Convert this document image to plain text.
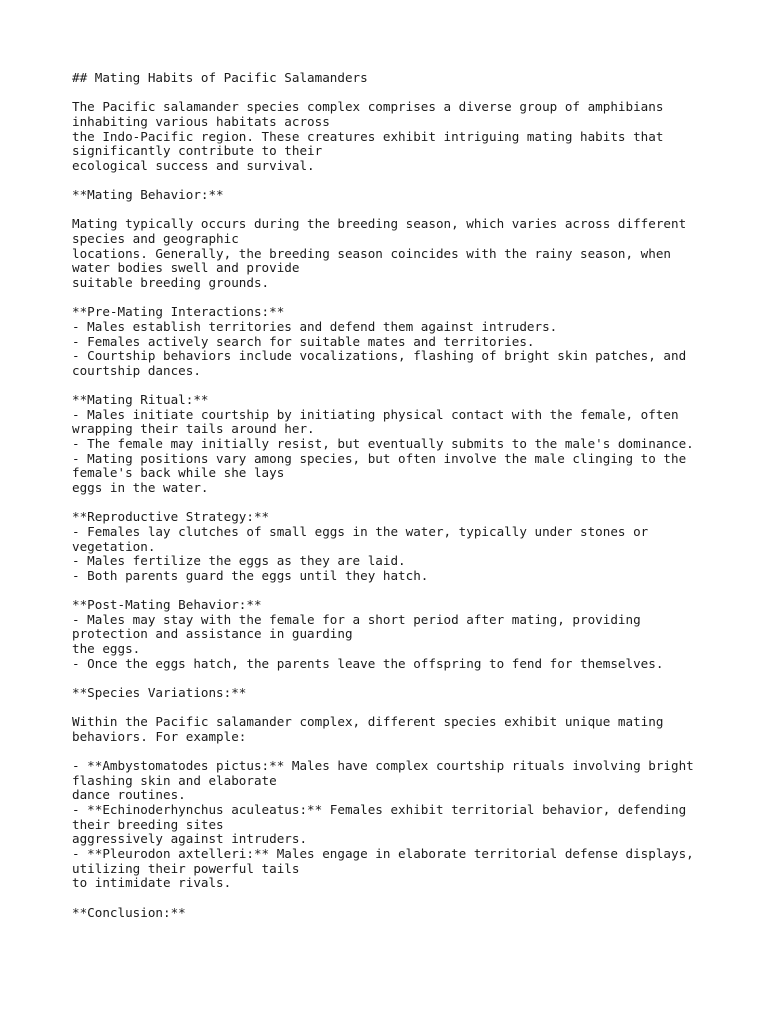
## Mating Habits of Pacific Salamanders
The Pacific salamander species complex comprises a diverse group of amphibians
inhabiting various habitats across
the Indo-Pacific region. These creatures exhibit intriguing mating habits that
significantly contribute to their
ecological success and survival.
**Mating Behavior:**
Mating typically occurs during the breeding season, which varies across different
species and geographic
locations. Generally, the breeding season coincides with the rainy season, when
water bodies swell and provide
suitable breeding grounds.
**Pre-Mating Interactions:**
- Males establish territories and defend them against intruders.
- Females actively search for suitable mates and territories.
- Courtship behaviors include vocalizations, flashing of bright skin patches, and
courtship dances.
**Mating Ritual:**
- Males initiate courtship by initiating physical contact with the female, often
wrapping their tails around her.
- The female may initially resist, but eventually submits to the male's dominance.
- Mating positions vary among species, but often involve the male clinging to the
female's back while she lays
eggs in the water.
**Reproductive Strategy:**
- Females lay clutches of small eggs in the water, typically under stones or
vegetation.
- Males fertilize the eggs as they are laid.
- Both parents guard the eggs until they hatch.
**Post-Mating Behavior:**
- Males may stay with the female for a short period after mating, providing
protection and assistance in guarding
the eggs.
- Once the eggs hatch, the parents leave the offspring to fend for themselves.
**Species Variations:**
Within the Pacific salamander complex, different species exhibit unique mating
behaviors. For example:
- **Ambystomatodes pictus:** Males have complex courtship rituals involving bright
flashing skin and elaborate
dance routines.
- **Echinoderhynchus aculeatus:** Females exhibit territorial behavior, defending
their breeding sites
aggressively against intruders.
- **Pleurodon axtelleri:** Males engage in elaborate territorial defense displays,
utilizing their powerful tails
to intimidate rivals.
**Conclusion:**
